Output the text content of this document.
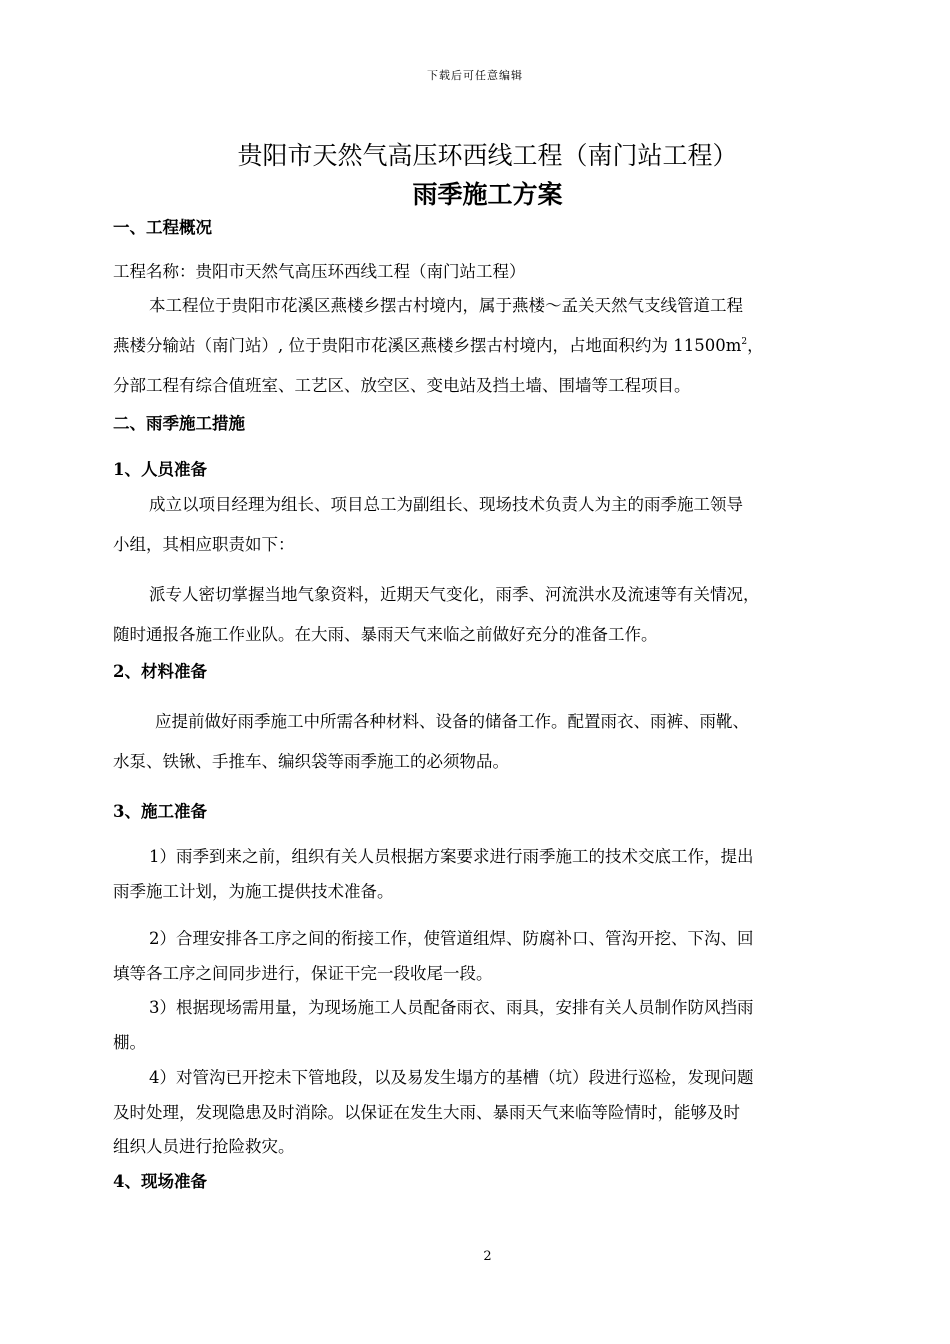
下载后可任意编辑
贵阳市天然气高压环西线工程（南门站工程）
雨季施工方案
一、工程概况
工程名称：贵阳市天然气高压环西线工程（南门站工程）
本工程位于贵阳市花溪区燕楼乡摆古村境内，属于燕楼～孟关天然气支线管道工程
燕楼分输站（南门站）, 位于贵阳市花溪区燕楼乡摆古村境内，占地面积约为 $11500m^2$，
分部工程有综合值班室、工艺区、放空区、变电站及挡土墙、围墙等工程项目。
二、雨季施工措施
1、人员准备
成立以项目经理为组长、项目总工为副组长、现场技术负责人为主的雨季施工领导
小组，其相应职责如下：
派专人密切掌握当地气象资料，近期天气变化，雨季、河流洪水及流速等有关情况，
随时通报各施工作业队。在大雨、暴雨天气来临之前做好充分的准备工作。
2、材料准备
应提前做好雨季施工中所需各种材料、设备的储备工作。配置雨衣、雨裤、雨靴、
水泵、铁锹、手推车、编织袋等雨季施工的必须物品。
3、施工准备
1）雨季到来之前，组织有关人员根据方案要求进行雨季施工的技术交底工作，提出
雨季施工计划，为施工提供技术准备。
2）合理安排各工序之间的衔接工作，使管道组焊、防腐补口、管沟开挖、下沟、回
填等各工序之间同步进行，保证干完一段收尾一段。
3）根据现场需用量，为现场施工人员配备雨衣、雨具，安排有关人员制作防风挡雨
棚。
4）对管沟已开挖未下管地段，以及易发生塌方的基槽（坑）段进行巡检，发现问题
及时处理，发现隐患及时消除。以保证在发生大雨、暴雨天气来临等险情时，能够及时
组织人员进行抢险救灾。
4、现场准备
2
